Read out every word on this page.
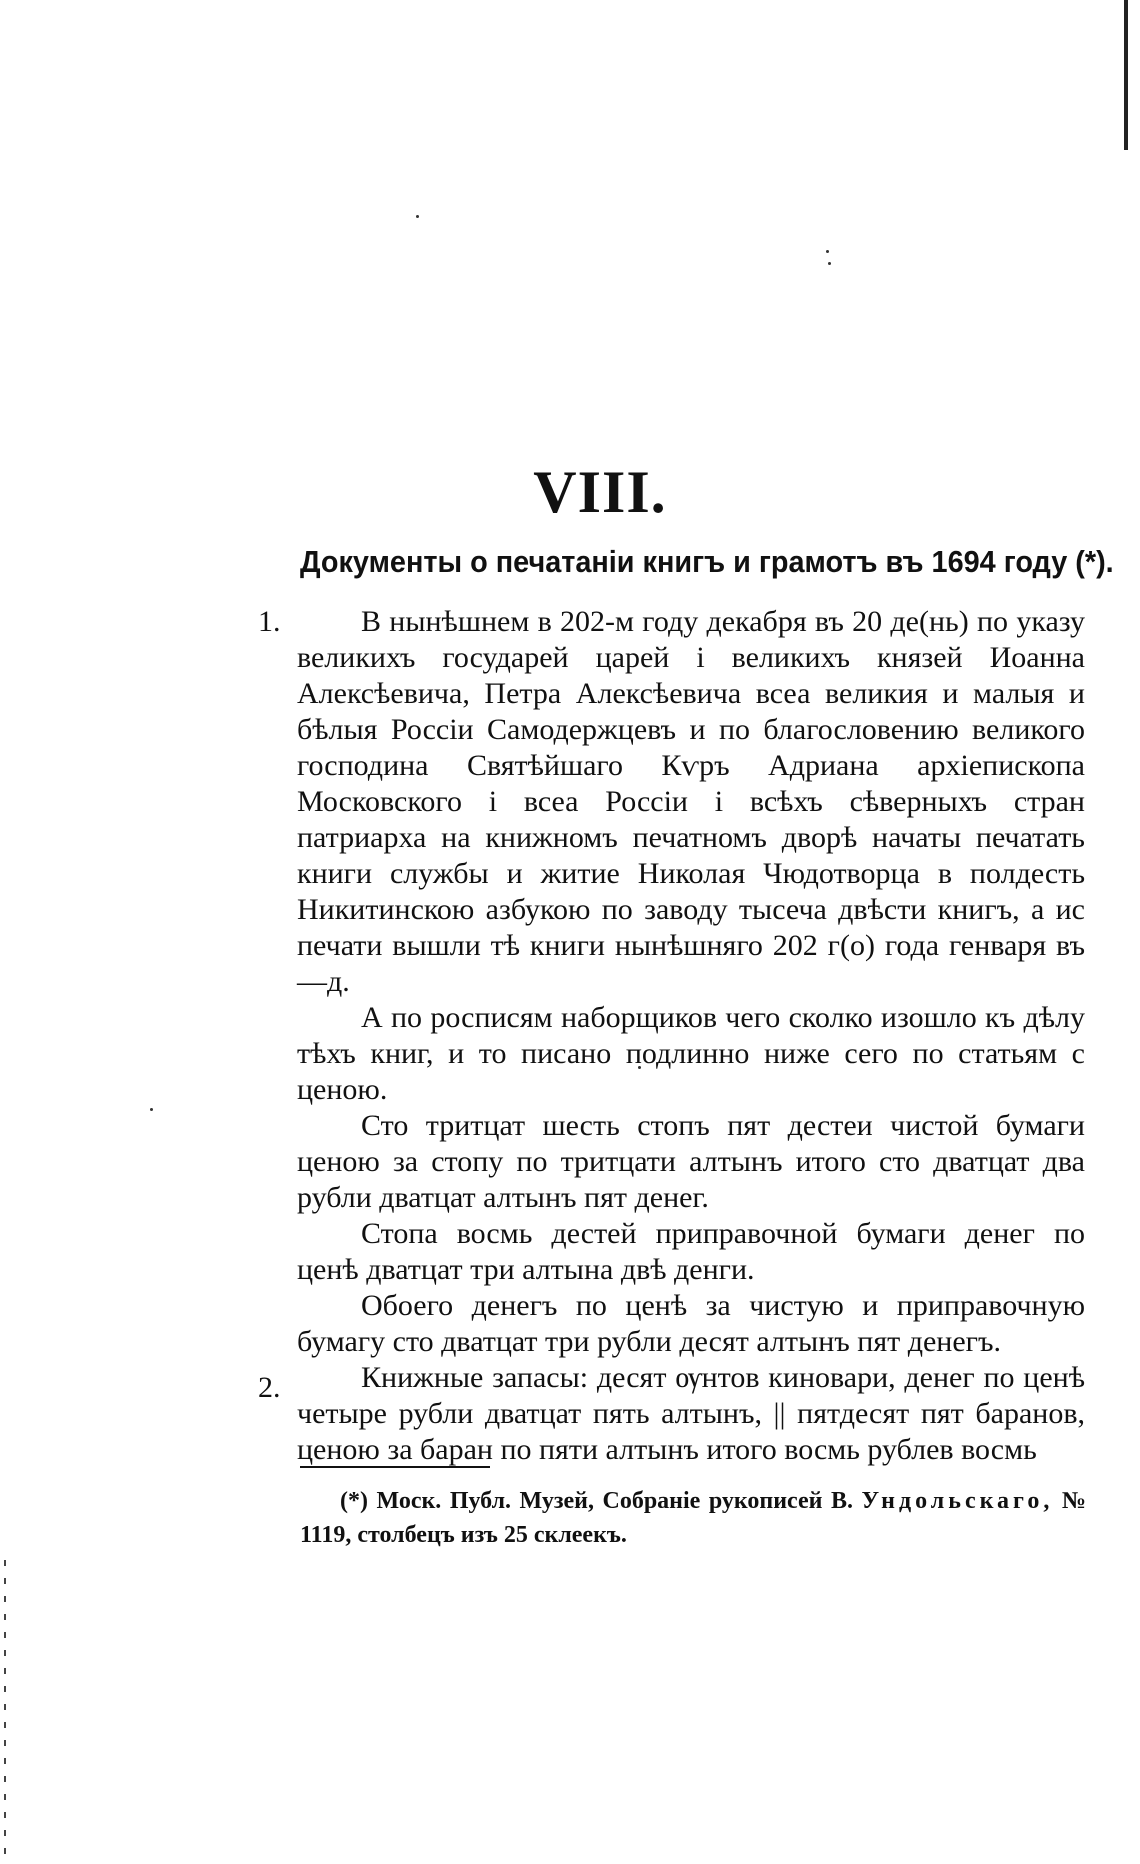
VIII.
Документы о печатаніи книгъ и грамотъ въ 1694 году (*).
1.
2.

В нынѣшнем в 202-м году декабря въ 20 де(нь) по указу великихъ государей царей і великихъ князей Иоанна Алексѣевича, Петра Алексѣевича всеа великия и малыя и бѣлыя Россіи Самодержцевъ и по благословению великого господина Святѣйшаго Кѵръ Адриана архіепископа Московского і всеа Россіи і всѣхъ сѣверныхъ стран патриарха на книжномъ печатномъ дворѣ начаты печатать книги службы и житие Николая Чюдотворца в полдесть Никитинскою азбукою по заводу тысеча двѣсти книгъ, а ис печати вышли тѣ книги нынѣшняго 202 г(о) года генваря въ—д.

А по росписям наборщиков чего сколко изошло къ дѣлу тѣхъ книг, и то писано подлинно ниже сего по статьям с ценою.

Сто тритцат шесть стопъ пят дестеи чистой бумаги ценою за стопу по тритцати алтынъ итого сто дватцат два рубли дватцат алтынъ пят денег.

Стопа восмь дестей приправочной бумаги денег по ценѣ дватцат три алтына двѣ денги.

Обоего денегъ по ценѣ за чистую и приправочную бумагу сто дватцат три рубли десят алтынъ пят денегъ.

Книжные запасы: десят ѹнтов киновари, денег по ценѣ четыре рубли дватцат пять алтынъ, || пятдесят пят баранов, ценою за баран по пяти алтынъ итого восмь рублев восмь

(*) Моск. Публ. Музей, Собраніе рукописей В. Ундольскаго, № 1119, столбецъ изъ 25 склеекъ.
